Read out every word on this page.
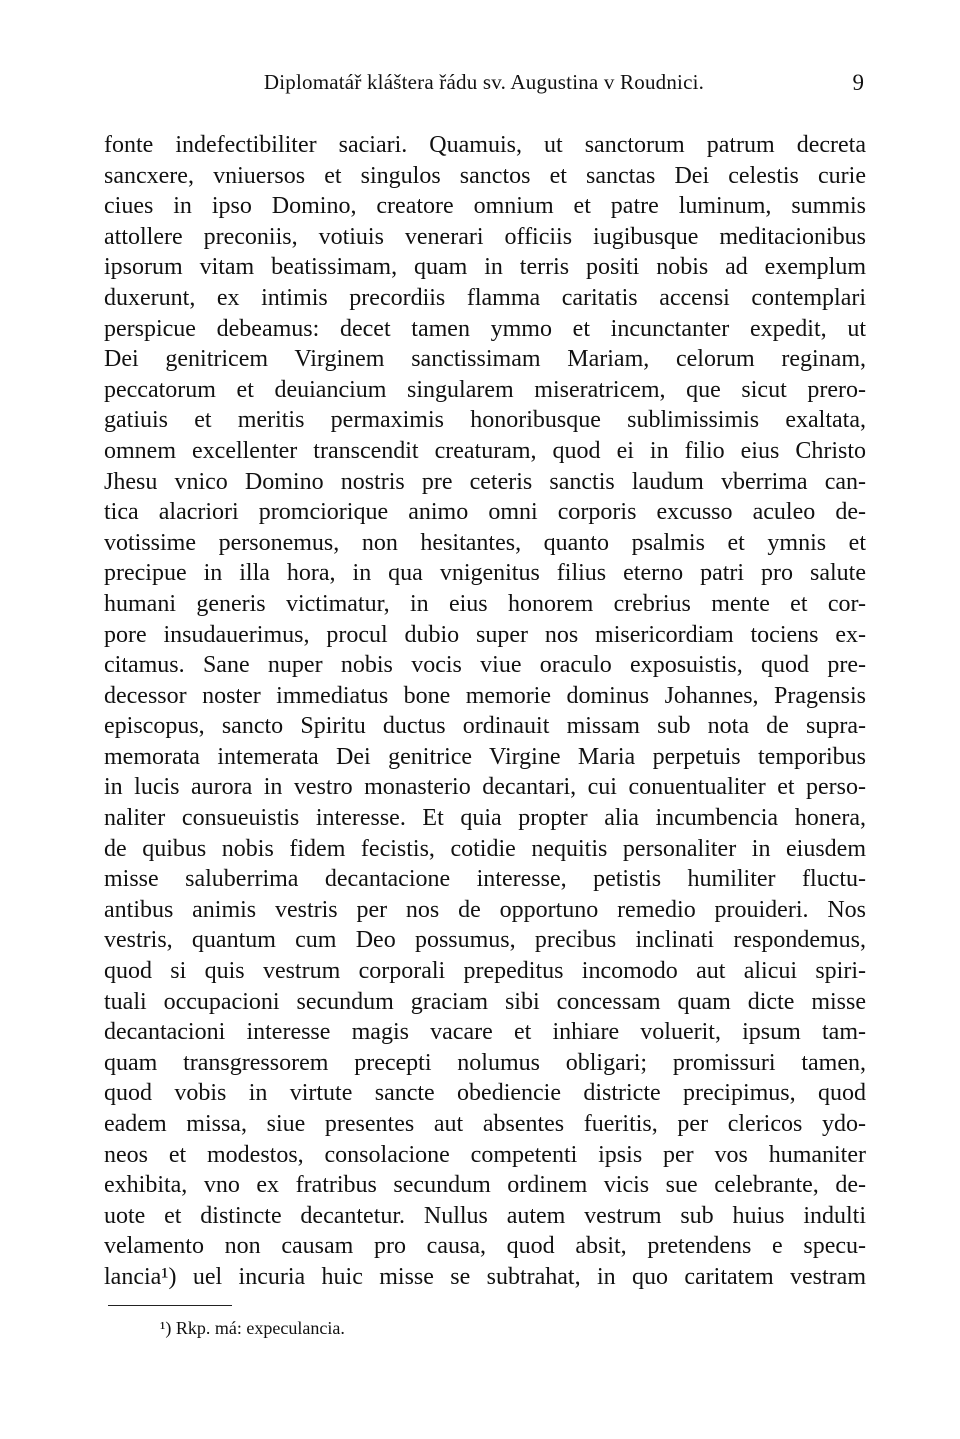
Diplomatář kláštera řádu sv. Augustina v Roudnici.	9
fonte indefectibiliter saciari. Quamuis, ut sanctorum patrum decreta
sancxere, vniuersos et singulos sanctos et sanctas Dei celestis curie
ciues in ipso Domino, creatore omnium et patre luminum, summis
attollere preconiis, votiuis venerari officiis iugibusque meditacionibus
ipsorum vitam beatissimam, quam in terris positi nobis ad exemplum
duxerunt, ex intimis precordiis flamma caritatis accensi contemplari
perspicue debeamus: decet tamen ymmo et incunctanter expedit, ut
Dei genitricem Virginem sanctissimam Mariam, celorum reginam,
peccatorum et deuiancium singularem miseratricem, que sicut prero-
gatiuis et meritis permaximis honoribusque sublimissimis exaltata,
omnem excellenter transcendit creaturam, quod ei in filio eius Christo
Jhesu vnico Domino nostris pre ceteris sanctis laudum vberrima can-
tica alacriori promciorique animo omni corporis excusso aculeo de-
votissime personemus, non hesitantes, quanto psalmis et ymnis et
precipue in illa hora, in qua vnigenitus filius eterno patri pro salute
humani generis victimatur, in eius honorem crebrius mente et cor-
pore insudauerimus, procul dubio super nos misericordiam tociens ex-
citamus. Sane nuper nobis vocis viue oraculo exposuistis, quod pre-
decessor noster immediatus bone memorie dominus Johannes, Pragensis
episcopus, sancto Spiritu ductus ordinauit missam sub nota de supra-
memorata intemerata Dei genitrice Virgine Maria perpetuis temporibus
in lucis aurora in vestro monasterio decantari, cui conuentualiter et perso-
naliter consueuistis interesse. Et quia propter alia incumbencia honera,
de quibus nobis fidem fecistis, cotidie nequitis personaliter in eiusdem
misse saluberrima decantacione interesse, petistis humiliter fluctu-
antibus animis vestris per nos de opportuno remedio prouideri. Nos
vestris, quantum cum Deo possumus, precibus inclinati respondemus,
quod si quis vestrum corporali prepeditus incomodo aut alicui spiri-
tuali occupacioni secundum graciam sibi concessam quam dicte misse
decantacioni interesse magis vacare et inhiare voluerit, ipsum tam-
quam transgressorem precepti nolumus obligari; promissuri tamen,
quod vobis in virtute sancte obediencie districte precipimus, quod
eadem missa, siue presentes aut absentes fueritis, per clericos ydo-
neos et modestos, consolacione competenti ipsis per vos humaniter
exhibita, vno ex fratribus secundum ordinem vicis sue celebrante, de-
uote et distincte decantetur. Nullus autem vestrum sub huius indulti
velamento non causam pro causa, quod absit, pretendens e specu-
lancia¹) uel incuria huic misse se subtrahat, in quo caritatem vestram
¹) Rkp. má: expeculancia.
